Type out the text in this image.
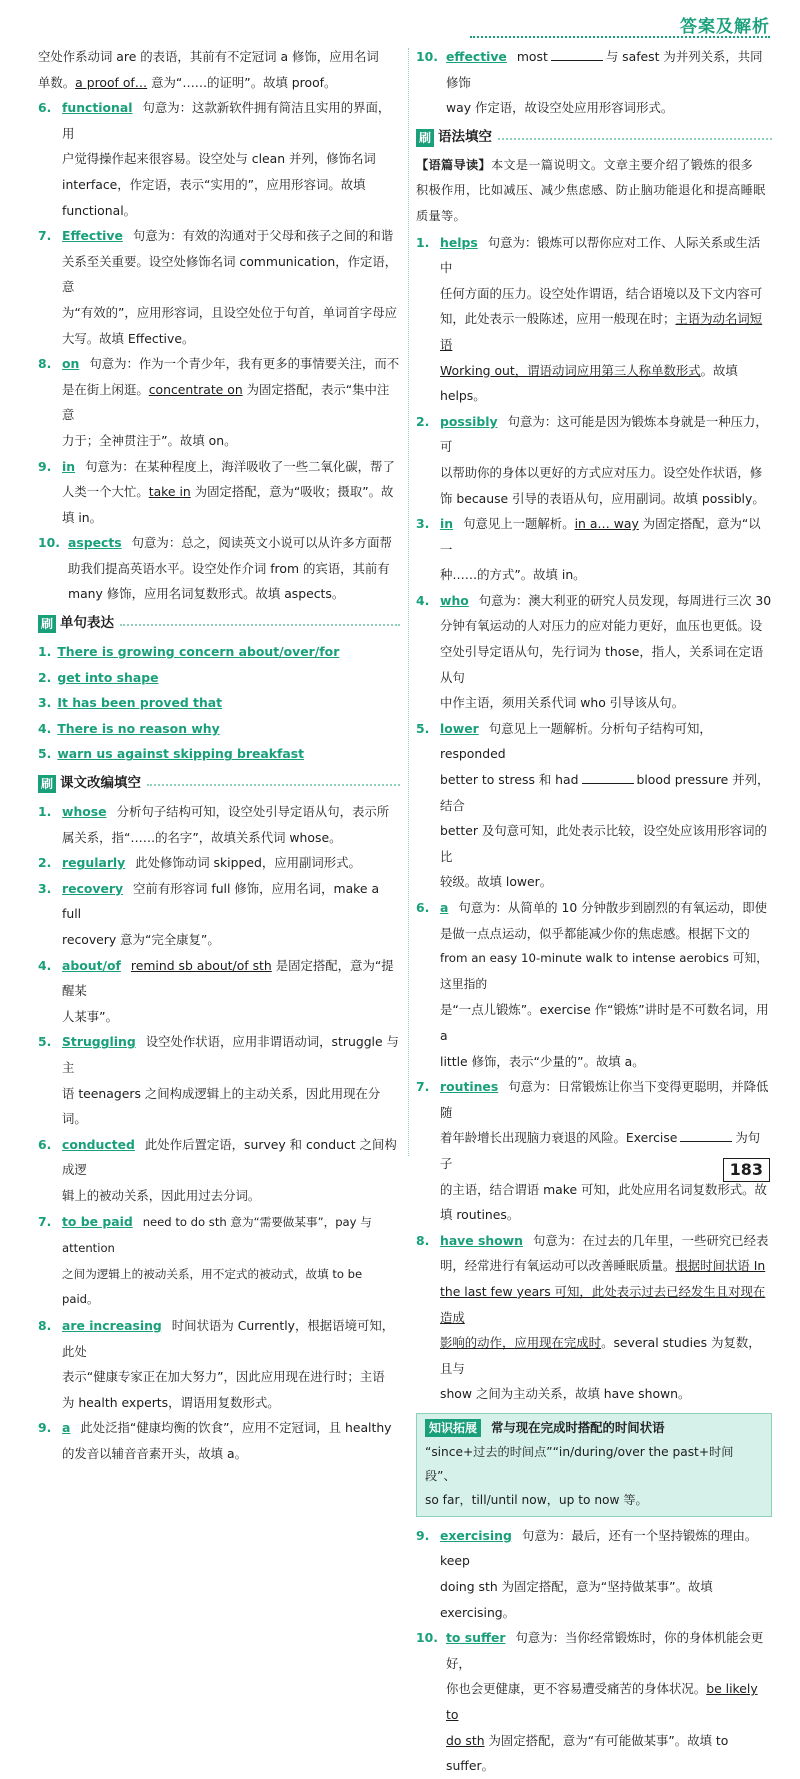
答案及解析
空处作系动词 are 的表语，其前有不定冠词 a 修饰，应用名词
单数。a proof of… 意为“……的证明”。故填 proof。
6. functional 句意为：这款新软件拥有简洁且实用的界面，用
户觉得操作起来很容易。设空处与 clean 并列，修饰名词
interface，作定语，表示“实用的”，应用形容词。故填 functional。
7. Effective 句意为：有效的沟通对于父母和孩子之间的和谐
关系至关重要。设空处修饰名词 communication，作定语，意
为“有效的”，应用形容词，且设空处位于句首，单词首字母应
大写。故填 Effective。
8. on 句意为：作为一个青少年，我有更多的事情要关注，而不
是在街上闲逛。concentrate on 为固定搭配，表示“集中注意
力于；全神贯注于”。故填 on。
9. in 句意为：在某种程度上，海洋吸收了一些二氧化碳，帮了
人类一个大忙。take in 为固定搭配，意为“吸收；摄取”。故
填 in。
10. aspects 句意为：总之，阅读英文小说可以从许多方面帮
助我们提高英语水平。设空处作介词 from 的宾语，其前有
many 修饰，应用名词复数形式。故填 aspects。
刷 单句表达
1. There is growing concern about/over/for
2. get into shape
3. It has been proved that
4. There is no reason why
5. warn us against skipping breakfast
刷 课文改编填空
1. whose 分析句子结构可知，设空处引导定语从句，表示所
属关系，指“……的名字”，故填关系代词 whose。
2. regularly 此处修饰动词 skipped，应用副词形式。
3. recovery 空前有形容词 full 修饰，应用名词，make a full
recovery 意为“完全康复”。
4. about/of remind sb about/of sth 是固定搭配，意为“提醒某
人某事”。
5. Struggling 设空处作状语，应用非谓语动词，struggle 与主
语 teenagers 之间构成逻辑上的主动关系，因此用现在分词。
6. conducted 此处作后置定语，survey 和 conduct 之间构成逻
辑上的被动关系，因此用过去分词。
7. to be paid need to do sth 意为“需要做某事”，pay 与 attention
之间为逻辑上的被动关系，用不定式的被动式，故填 to be paid。
8. are increasing 时间状语为 Currently，根据语境可知，此处
表示“健康专家正在加大努力”，因此应用现在进行时；主语
为 health experts，谓语用复数形式。
9. a 此处泛指“健康均衡的饮食”，应用不定冠词，且 healthy
的发音以辅音音素开头，故填 a。
10. effective most	与 safest 为并列关系，共同修饰
way 作定语，故设空处应用形容词形式。
刷 语法填空
【语篇导读】本文是一篇说明文。文章主要介绍了锻炼的很多
积极作用，比如减压、减少焦虑感、防止脑功能退化和提高睡眠
质量等。
1. helps 句意为：锻炼可以帮你应对工作、人际关系或生活中
任何方面的压力。设空处作谓语，结合语境以及下文内容可
知，此处表示一般陈述，应用一般现在时；主语为动名词短语
Working out，谓语动词应用第三人称单数形式。故填 helps。
2. possibly 句意为：这可能是因为锻炼本身就是一种压力，可
以帮助你的身体以更好的方式应对压力。设空处作状语，修
饰 because 引导的表语从句，应用副词。故填 possibly。
3. in 句意见上一题解析。in a… way 为固定搭配，意为“以一
种……的方式”。故填 in。
4. who 句意为：澳大利亚的研究人员发现，每周进行三次 30
分钟有氧运动的人对压力的应对能力更好，血压也更低。设
空处引导定语从句，先行词为 those，指人，关系词在定语从句
中作主语，须用关系代词 who 引导该从句。
5. lower 句意见上一题解析。分析句子结构可知，responded
better to stress 和 had	blood pressure 并列，结合
better 及句意可知，此处表示比较，设空处应该用形容词的比
较级。故填 lower。
6. a 句意为：从简单的 10 分钟散步到剧烈的有氧运动，即使
是做一点点运动，似乎都能减少你的焦虑感。根据下文的
from an easy 10-minute walk to intense aerobics 可知，这里指的
是“一点儿锻炼”。exercise 作“锻炼”讲时是不可数名词，用 a
little 修饰，表示“少量的”。故填 a。
7. routines 句意为：日常锻炼让你当下变得更聪明，并降低随
着年龄增长出现脑力衰退的风险。Exercise	为句子
的主语，结合谓语 make 可知，此处应用名词复数形式。故
填 routines。
8. have shown 句意为：在过去的几年里，一些研究已经表
明，经常进行有氧运动可以改善睡眠质量。根据时间状语 In
the last few years 可知，此处表示过去已经发生且对现在造成
影响的动作，应用现在完成时。several studies 为复数，且与
show 之间为主动关系，故填 have shown。
知识拓展	常与现在完成时搭配的时间状语
“since+过去的时间点”“in/during/over the past+时间段”、
so far，till/until now，up to now 等。
9. exercising 句意为：最后，还有一个坚持锻炼的理由。keep
doing sth 为固定搭配，意为“坚持做某事”。故填 exercising。
10. to suffer 句意为：当你经常锻炼时，你的身体机能会更好，
你也会更健康，更不容易遭受痛苦的身体状况。be likely to
do sth 为固定搭配，意为“有可能做某事”。故填 to suffer。
183
